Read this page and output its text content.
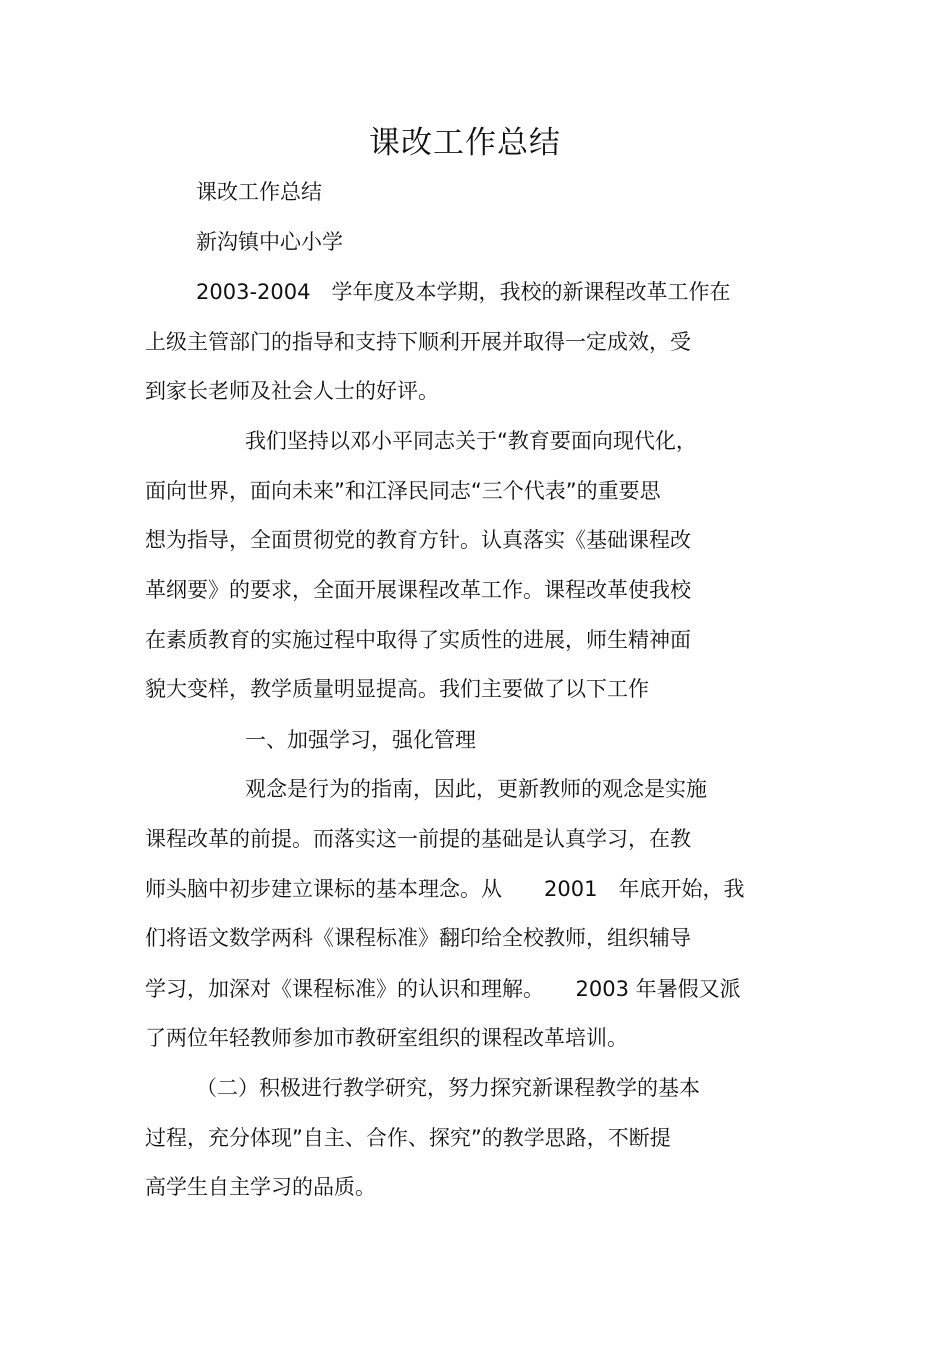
课改工作总结

课改工作总结

新沟镇中心小学

2003-2004　学年度及本学期，我校的新课程改革工作在

上级主管部门的指导和支持下顺利开展并取得一定成效，受

到家长老师及社会人士的好评。

我们坚持以邓小平同志关于“教育要面向现代化，

面向世界，面向未来”和江泽民同志“三个代表”的重要思

想为指导，全面贯彻党的教育方针。认真落实《基础课程改

革纲要》的要求，全面开展课程改革工作。课程改革使我校

在素质教育的实施过程中取得了实质性的进展，师生精神面

貌大变样，教学质量明显提高。我们主要做了以下工作

一、加强学习，强化管理

观念是行为的指南，因此，更新教师的观念是实施

课程改革的前提。而落实这一前提的基础是认真学习，在教

师头脑中初步建立课标的基本理念。从　　2001　年底开始，我

们将语文数学两科《课程标准》翻印给全校教师，组织辅导

学习，加深对《课程标准》的认识和理解。　　2003 年暑假又派

了两位年轻教师参加市教研室组织的课程改革培训。

（二）积极进行教学研究，努力探究新课程教学的基本

过程，充分体现”自主、合作、探究”的教学思路，不断提

高学生自主学习的品质。
